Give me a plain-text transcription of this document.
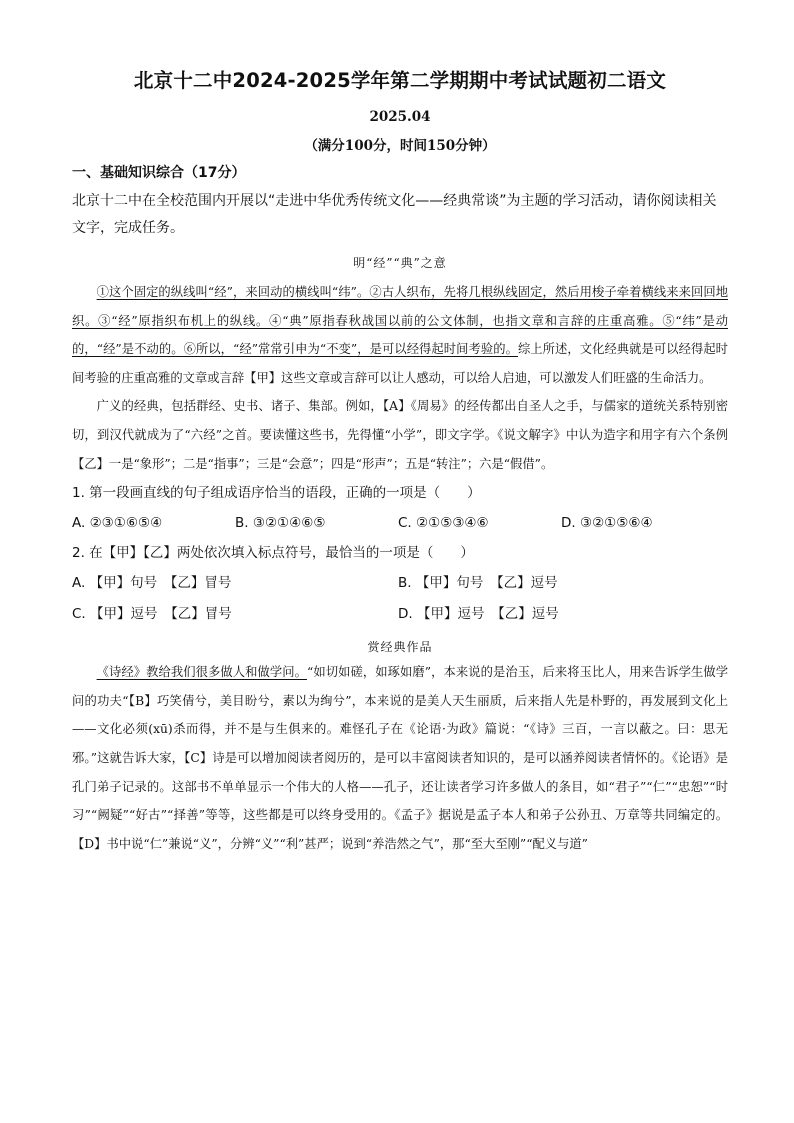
北京十二中2024-2025学年第二学期期中考试试题初二语文
2025.04
（满分100分，时间150分钟）
一、基础知识综合（17分）
北京十二中在全校范围内开展以“走进中华优秀传统文化——经典常谈”为主题的学习活动，请你阅读相关文字，完成任务。
明“经”“典”之意
①这个固定的纵线叫“经”，来回动的横线叫“纬”。②古人织布，先将几根纵线固定，然后用梭子牵着横线来来回回地织。③“经”原指织布机上的纵线。④“典”原指春秋战国以前的公文体制，也指文章和言辞的庄重高雅。⑤“纬”是动的，“经”是不动的。⑥所以，“经”常常引申为“不变”，是可以经得起时间考验的。综上所述，文化经典就是可以经得起时间考验的庄重高雅的文章或言辞【甲】这些文章或言辞可以让人感动，可以给人启迪，可以激发人们旺盛的生命活力。
广义的经典，包括群经、史书、诸子、集部。例如，【A】《周易》的经传都出自圣人之手，与儒家的道统关系特别密切，到汉代就成为了“六经”之首。要读懂这些书，先得懂“小学”，即文字学。《说文解字》中认为造字和用字有六个条例【乙】一是“象形”；二是“指事”；三是“会意”；四是“形声”；五是“转注”；六是“假借”。
1. 第一段画直线的句子组成语序恰当的语段，正确的一项是（　　）
A. ②③①⑥⑤④	B. ③②①④⑥⑤	C. ②①⑤③④⑥	D. ③②①⑤⑥④
2. 在【甲】【乙】两处依次填入标点符号，最恰当的一项是（　　）
A. 【甲】句号　【乙】冒号	B. 【甲】句号　【乙】逗号
C. 【甲】逗号　【乙】冒号	D. 【甲】逗号　【乙】逗号
赏经典作品
《诗经》教给我们很多做人和做学问。“如切如磋，如琢如磨”，本来说的是治玉，后来将玉比人，用来告诉学生做学问的功夫“【B】巧笑倩兮，美目盼兮，素以为绚兮”，本来说的是美人天生丽质，后来指人先是朴野的，再发展到文化上——文化必须(xū)杀而得，并不是与生俱来的。难怪孔子在《论语·为政》篇说：“《诗》三百，一言以蔽之。曰：思无邪。”这就告诉大家，【C】诗是可以增加阅读者阅历的，是可以丰富阅读者知识的，是可以涵养阅读者情怀的。《论语》是孔门弟子记录的。这部书不单单显示一个伟大的人格——孔子，还让读者学习许多做人的条目，如“君子”“仁”“忠恕”“时习”“阙疑”“好古”“择善”等等，这些都是可以终身受用的。《孟子》据说是孟子本人和弟子公孙丑、万章等共同编定的。【D】书中说“仁”兼说“义”，分辨“义”“利”甚严；说到“养浩然之气”，那“至大至刚”“配义与道”
